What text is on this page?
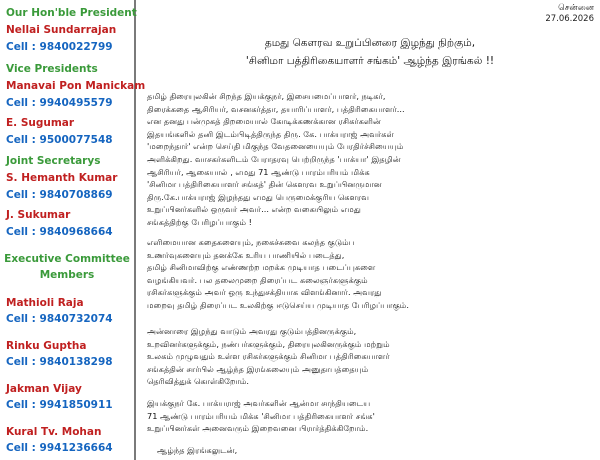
Our Hon'ble President
Nellai Sundarrajan
Cell : 9840022799
Vice Presidents
Manavai Pon Manickam
Cell : 9940495579
E. Sugumar
Cell : 9500077548
Joint Secretarys
S. Hemanth Kumar
Cell : 9840708869
J. Sukumar
Cell : 9840968664
Executive Committee
Members
Mathioli Raja
Cell : 9840732074
Rinku Guptha
Cell : 9840138298
Jakman Vijay
Cell : 9941850911
Kural Tv. Mohan
Cell : 9941236664
சென்னை
27.06.2026
தமது கௌரவ உறுப்பினரை இழந்து நிற்கும்,
'சினிமா பத்திரிகையாளர் சங்கம்' ஆழ்ந்த இரங்கல் !!
தமிழ் திரையுலகின் சிறந்த இயக்குநர், இசையமைப்பாளர், நடிகர்,
திரைக்கதை ஆசிரியர், வசனகர்த்தா, தயாரிப்பாளர், பத்திரிகையாளர்...
என தனது பன்முகத் திறமையால் கோடிக்கணக்கான ரசிகர்களின்
இதயங்களில் தனி இடம்பிடித்திருந்த திரு. கே. பாக்யராஜ் அவர்கள்
'மறைந்தார்' என்ற செய்தி மிகுந்த வேதனையையும் பேரதிர்ச்சியையும்
அளிக்கிறது. வாசகர்களிடம் பேராதரவு பெற்றிருந்த 'பாக்யா' இதழின்
ஆசிரியர், ஆகையால் , எமது 71 ஆண்டு பாரம்பரியம் மிக்க
'சினிமா பத்திரிகையாளர் சங்கத்' தின் கௌரவ உறுப்பினருமான
திரு.கே.பாக்யராஜ் இழந்தது எமது பெருமைக்குரிய கௌரவ
உறுப்பினர்களில் ஒருவர் அவர்... என்ற வகையிலும் எமது
சங்கத்திற்கு பேரிழப்பாகும் !
எளிமையான கதைகளையும், நகைச்சுவை கலந்த குடும்ப
உணர்வுகளையும் தனக்கே உரிய பாணியில் படைத்து,
தமிழ் சினிமாவிற்கு எண்ணற்ற மறக்க முடியாத படைப்புகளை
வழங்கியவர். பல தலைமுறை திரைப்பட கலைஞர்களுக்கும்
ரசிகர்களுக்கும் அவர் ஒரு உந்துசக்தியாக விளங்கினார். அவரது
மறைவு தமிழ் திரைப்பட உலகிற்கு ஈடுசெய்ய முடியாத பேரிழப்பாகும்.
அன்னாரை இழந்து வாடும் அவரது குடும்பத்தினருக்கும்,
உறவினர்களுக்கும், நண்பர்களுக்கும், திரையுலகினருக்கும் மற்றும்
உலகம் முழுவதும் உள்ள ரசிகர்களுக்கும் சினிமா பத்திரிகையாளர்
சங்கத்தின் சார்பில் ஆழ்ந்த இரங்கலையும் அனுதாபத்தையும்
தெரிவித்துக் கொள்கிறோம்.
இயக்குநர் கே. பாக்யராஜ் அவர்களின் ஆன்மா சாந்தியடைய
71 ஆண்டு பாரம்பரியம் மிக்க 'சினிமா பத்திரிகையாளர் சங்க'
உறுப்பினர்கள் அனைவரும் இறைவனை பிரார்த்திக்கிறோம்.
ஆழ்ந்த இரங்கலுடன்,
